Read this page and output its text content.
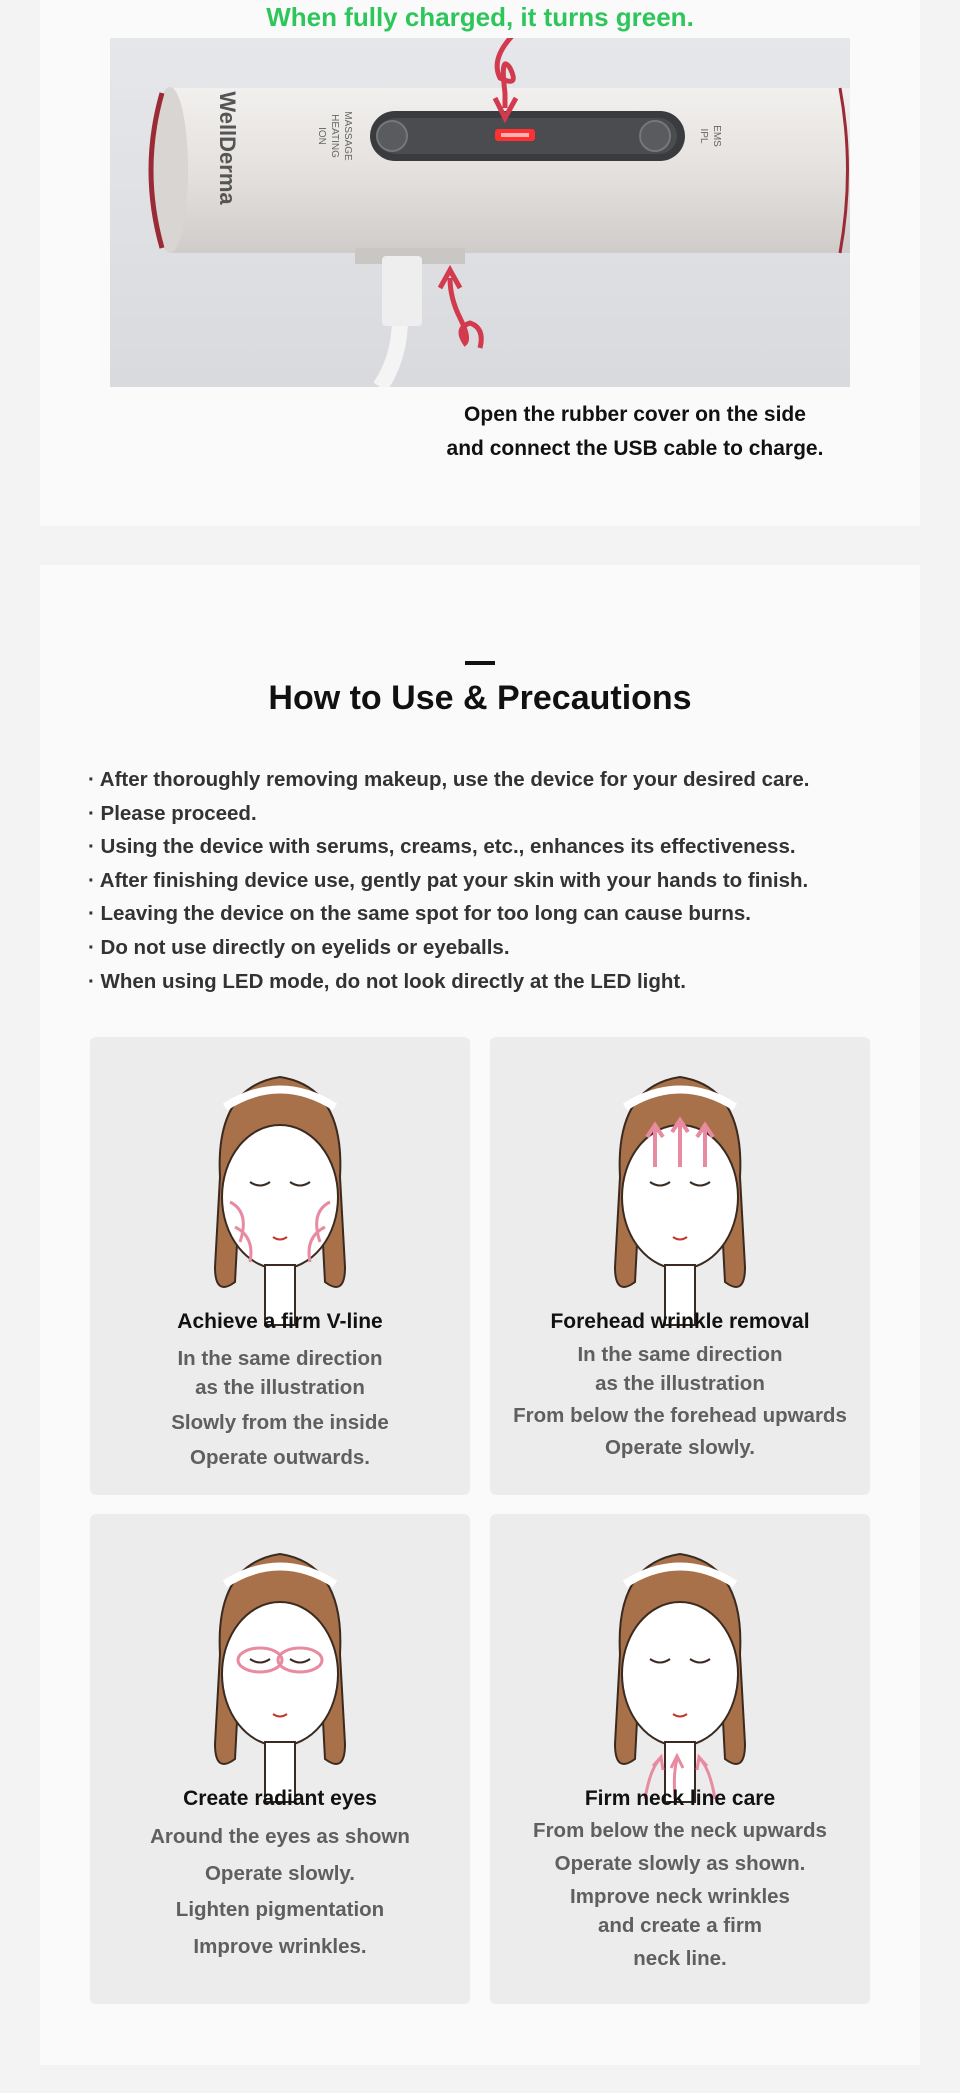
When fully charged, it turns green.
WellDerma	MASSAGE
HEATING
ION	EMS
IPL
Open the rubber cover on the side
and connect the USB cable to charge.
How to Use & Precautions
· After thoroughly removing makeup, use the device for your desired care.
· Please proceed.
· Using the device with serums, creams, etc., enhances its effectiveness.
· After finishing device use, gently pat your skin with your hands to finish.
· Leaving the device on the same spot for too long can cause burns.
· Do not use directly on eyelids or eyeballs.
· When using LED mode, do not look directly at the LED light.
Achieve a firm V-line
In the same direction
as the illustration
Slowly from the inside
Operate outwards.
Forehead wrinkle removal
In the same direction
as the illustration
From below the forehead upwards
Operate slowly.
Create radiant eyes
Around the eyes as shown
Operate slowly.
Lighten pigmentation
Improve wrinkles.
Firm neck line care
From below the neck upwards
Operate slowly as shown.
Improve neck wrinkles
and create a firm
neck line.
